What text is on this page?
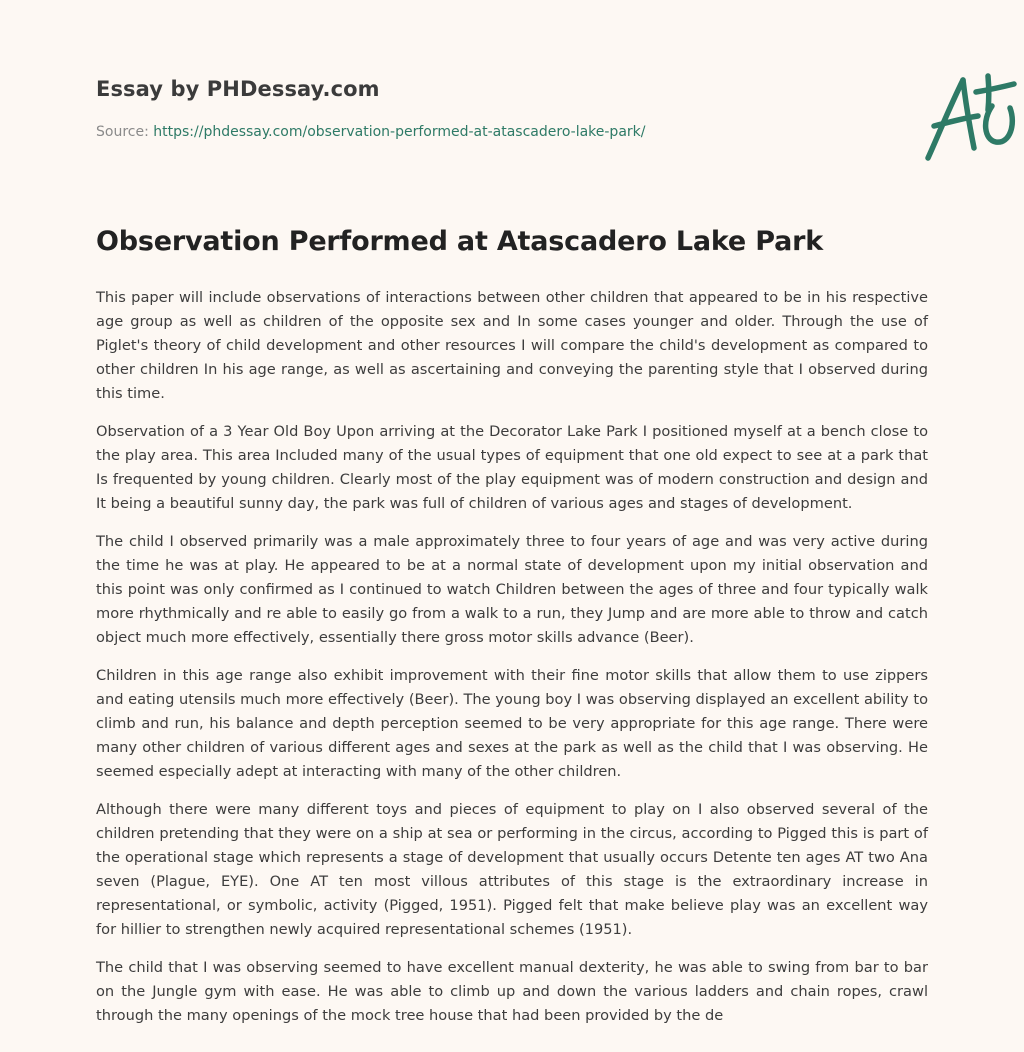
Essay by PHDessay.com
Source: https://phdessay.com/observation-performed-at-atascadero-lake-park/
Observation Performed at Atascadero Lake Park

This paper will include observations of interactions between other children that appeared to be in his respective age group as well as children of the opposite sex and In some cases younger and older. Through the use of Piglet's theory of child development and other resources I will compare the child's development as compared to other children In his age range, as well as ascertaining and conveying the parenting style that I observed during this time.

Observation of a 3 Year Old Boy Upon arriving at the Decorator Lake Park I positioned myself at a bench close to the play area. This area Included many of the usual types of equipment that one old expect to see at a park that Is frequented by young children. Clearly most of the play equipment was of modern construction and design and It being a beautiful sunny day, the park was full of children of various ages and stages of development.

The child I observed primarily was a male approximately three to four years of age and was very active during the time he was at play. He appeared to be at a normal state of development upon my initial observation and this point was only confirmed as I continued to watch Children between the ages of three and four typically walk more rhythmically and re able to easily go from a walk to a run, they Jump and are more able to throw and catch object much more effectively, essentially there gross motor skills advance (Beer).

Children in this age range also exhibit improvement with their fine motor skills that allow them to use zippers and eating utensils much more effectively (Beer). The young boy I was observing displayed an excellent ability to climb and run, his balance and depth perception seemed to be very appropriate for this age range. There were many other children of various different ages and sexes at the park as well as the child that I was observing. He seemed especially adept at interacting with many of the other children.

Although there were many different toys and pieces of equipment to play on I also observed several of the children pretending that they were on a ship at sea or performing in the circus, according to Pigged this is part of the operational stage which represents a stage of development that usually occurs Detente ten ages AT two Ana seven (Plague, EYE). One AT ten most villous attributes of this stage is the extraordinary increase in representational, or symbolic, activity (Pigged, 1951). Pigged felt that make believe play was an excellent way for hillier to strengthen newly acquired representational schemes (1951).

The child that I was observing seemed to have excellent manual dexterity, he was able to swing from bar to bar on the Jungle gym with ease. He was able to climb up and down the various ladders and chain ropes, crawl through the many openings of the mock tree house that had been provided by the de
